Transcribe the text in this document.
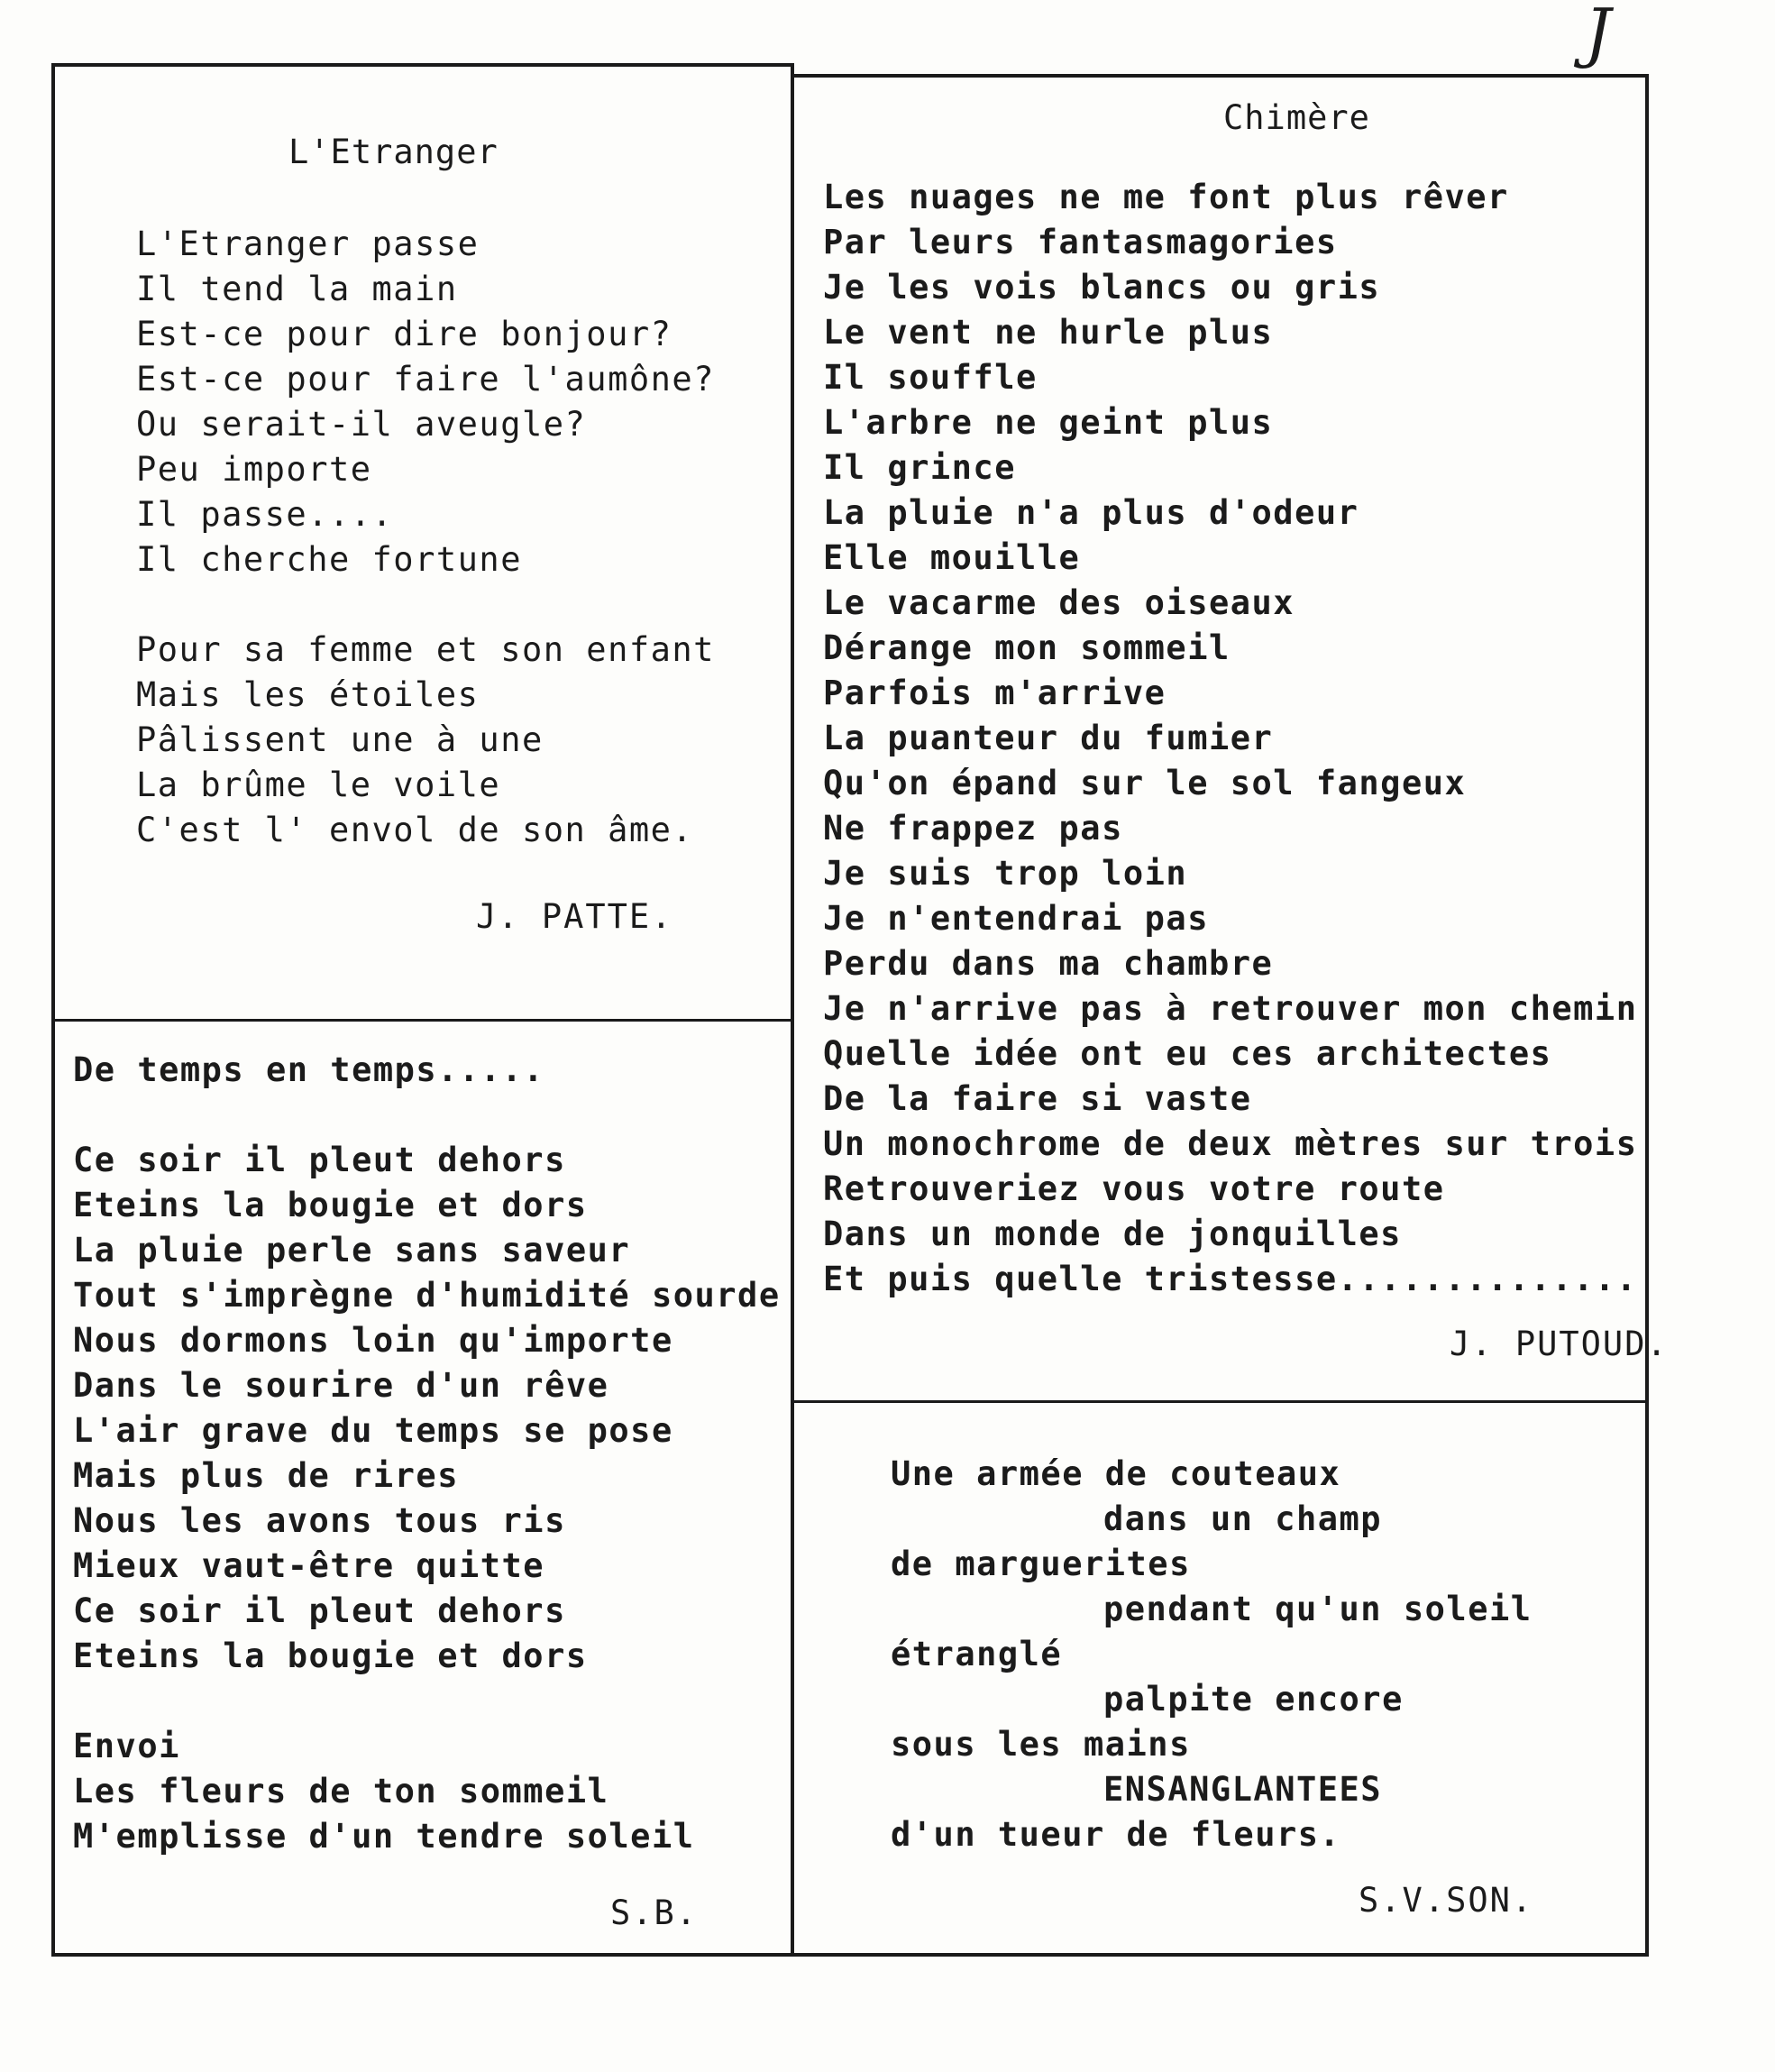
J
L'Etranger
L'Etranger passe
Il tend la main
Est-ce pour dire bonjour?
Est-ce pour faire l'aumône?
Ou serait-il aveugle?
Peu importe
Il passe....
Il cherche fortune
Pour sa femme et son enfant
Mais les étoiles
Pâlissent une à une
La brûme le voile
C'est l' envol de son âme.
J. PATTE.
Chimère
Les nuages ne me font plus rêver
Par leurs fantasmagories
Je les vois blancs ou gris
Le vent ne hurle plus
Il souffle
L'arbre ne geint plus
Il grince
La pluie n'a plus d'odeur
Elle mouille
Le vacarme des oiseaux
Dérange mon sommeil
Parfois m'arrive
La puanteur du fumier
Qu'on épand sur le sol fangeux
Ne frappez pas
Je suis trop loin
Je n'entendrai pas
Perdu dans ma chambre
Je n'arrive pas à retrouver mon chemin
Quelle idée ont eu ces architectes
De la faire si vaste
Un monochrome de deux mètres sur trois
Retrouveriez vous votre route
Dans un monde de jonquilles
Et puis quelle tristesse..............
J. PUTOUD.
De temps en temps.....
Ce soir il pleut dehors
Eteins la bougie et dors
La pluie perle sans saveur
Tout s'imprègne d'humidité sourde
Nous dormons loin qu'importe
Dans le sourire d'un rêve
L'air grave du temps se pose
Mais plus de rires
Nous les avons tous ris
Mieux vaut-être quitte
Ce soir il pleut dehors
Eteins la bougie et dors
Envoi
Les fleurs de ton sommeil
M'emplisse d'un tendre soleil
S.B.
Une armée de couteaux
dans un champ
de marguerites
pendant qu'un soleil
étranglé
palpite encore
sous les mains
ENSANGLANTEES
d'un tueur de fleurs.
S.V.SON.
